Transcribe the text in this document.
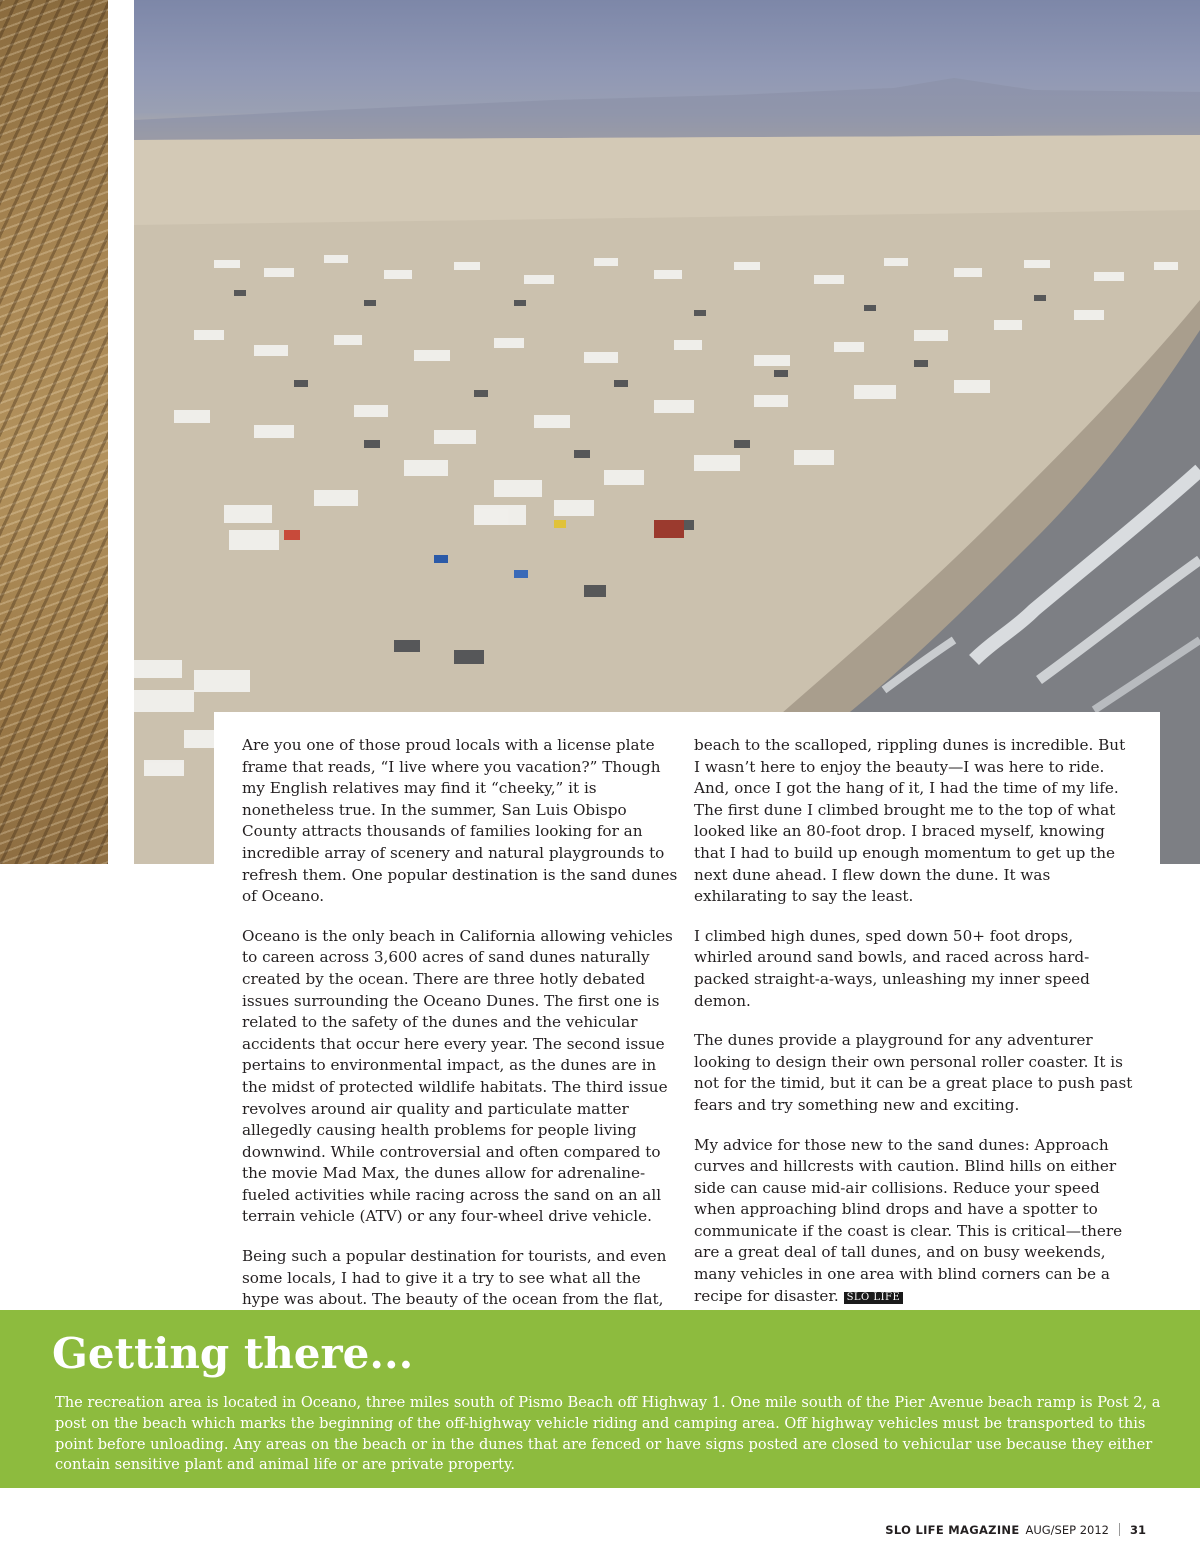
Are you one of those proud locals with a license plate frame that reads, “I live where you vacation?” Though my English relatives may find it “cheeky,” it is nonetheless true. In the summer, San Luis Obispo County attracts thousands of families looking for an incredible array of scenery and natural playgrounds to refresh them. One popular destination is the sand dunes of Oceano.

Oceano is the only beach in California allowing vehicles to careen across 3,600 acres of sand dunes naturally created by the ocean. There are three hotly debated issues surrounding the Oceano Dunes. The first one is related to the safety of the dunes and the vehicular accidents that occur here every year. The second issue pertains to environmental impact, as the dunes are in the midst of protected wildlife habitats. The third issue revolves around air quality and particulate matter allegedly causing health problems for people living downwind. While controversial and often compared to the movie Mad Max, the dunes allow for adrenaline-fueled activities while racing across the sand on an all terrain vehicle (ATV) or any four-wheel drive vehicle.

Being such a popular destination for tourists, and even some locals, I had to give it a try to see what all the hype was about. The beauty of the ocean from the flat,

beach to the scalloped, rippling dunes is incredible. But I wasn’t here to enjoy the beauty—I was here to ride. And, once I got the hang of it, I had the time of my life. The first dune I climbed brought me to the top of what looked like an 80-foot drop. I braced myself, knowing that I had to build up enough momentum to get up the next dune ahead. I flew down the dune. It was exhilarating to say the least.

I climbed high dunes, sped down 50+ foot drops, whirled around sand bowls, and raced across hard-packed straight-a-ways, unleashing my inner speed demon.

The dunes provide a playground for any adventurer looking to design their own personal roller coaster. It is not for the timid, but it can be a great place to push past fears and try something new and exciting.

My advice for those new to the sand dunes: Approach curves and hillcrests with caution. Blind hills on either side can cause mid-air collisions. Reduce your speed when approaching blind drops and have a spotter to communicate if the coast is clear. This is critical—there are a great deal of tall dunes, and on busy weekends, many vehicles in one area with blind corners can be a recipe for disaster. SLO LIFE

Getting there...

The recreation area is located in Oceano, three miles south of Pismo Beach off Highway 1. One mile south of the Pier Avenue beach ramp is Post 2, a post on the beach which marks the beginning of the off-highway vehicle riding and camping area. Off highway vehicles must be transported to this point before unloading. Any areas on the beach or in the dunes that are fenced or have signs posted are closed to vehicular use because they either contain sensitive plant and animal life or are private property.

SLO LIFE MAGAZINE AUG/SEP 2012 31
